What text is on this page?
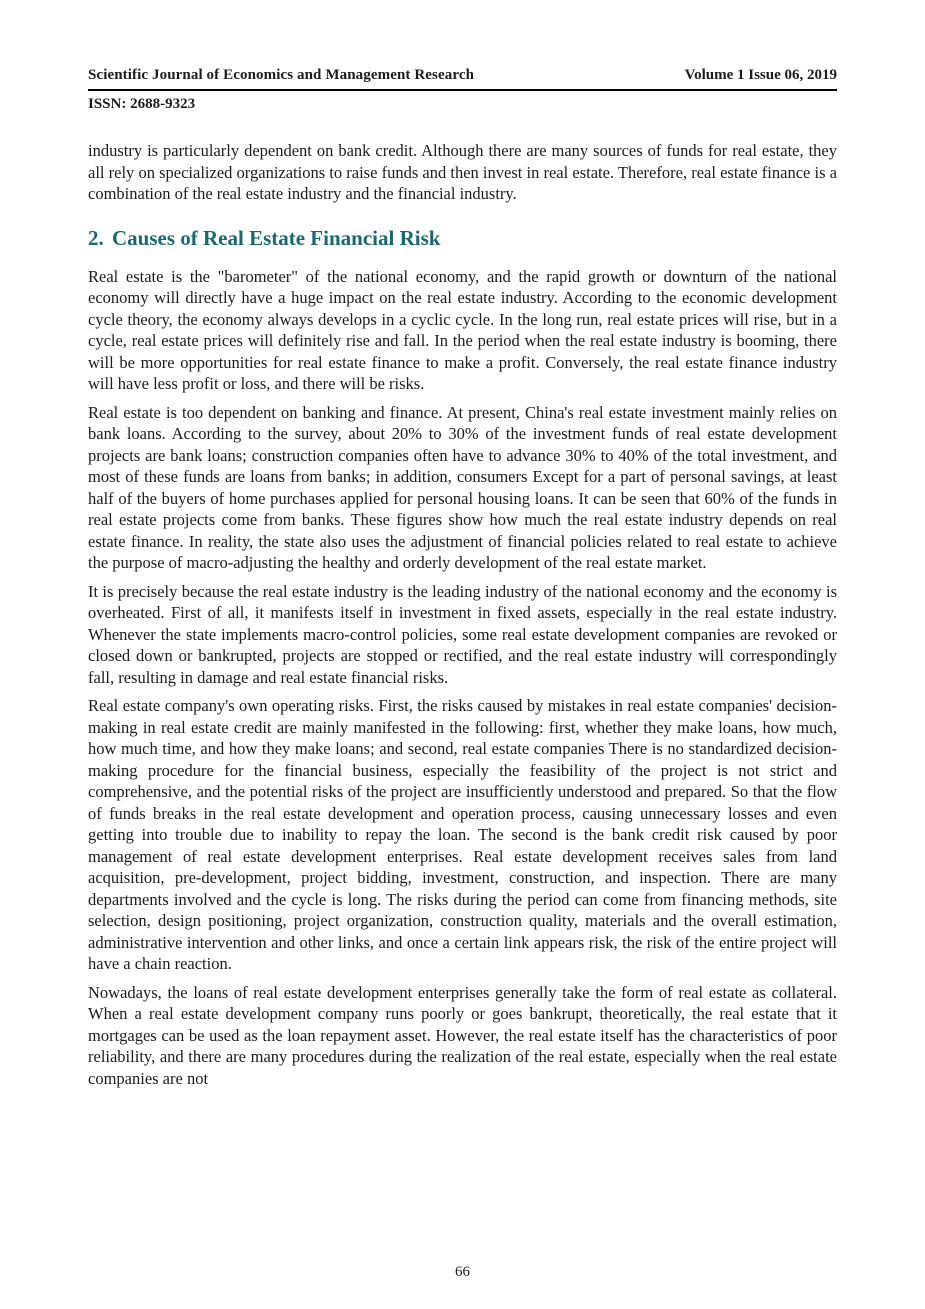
Scientific Journal of Economics and Management Research	Volume 1 Issue 06, 2019
ISSN: 2688-9323

industry is particularly dependent on bank credit. Although there are many sources of funds for real estate, they all rely on specialized organizations to raise funds and then invest in real estate. Therefore, real estate finance is a combination of the real estate industry and the financial industry.

2. Causes of Real Estate Financial Risk

Real estate is the "barometer" of the national economy, and the rapid growth or downturn of the national economy will directly have a huge impact on the real estate industry. According to the economic development cycle theory, the economy always develops in a cyclic cycle. In the long run, real estate prices will rise, but in a cycle, real estate prices will definitely rise and fall. In the period when the real estate industry is booming, there will be more opportunities for real estate finance to make a profit. Conversely, the real estate finance industry will have less profit or loss, and there will be risks.

Real estate is too dependent on banking and finance. At present, China's real estate investment mainly relies on bank loans. According to the survey, about 20% to 30% of the investment funds of real estate development projects are bank loans; construction companies often have to advance 30% to 40% of the total investment, and most of these funds are loans from banks; in addition, consumers Except for a part of personal savings, at least half of the buyers of home purchases applied for personal housing loans. It can be seen that 60% of the funds in real estate projects come from banks. These figures show how much the real estate industry depends on real estate finance. In reality, the state also uses the adjustment of financial policies related to real estate to achieve the purpose of macro-adjusting the healthy and orderly development of the real estate market.

It is precisely because the real estate industry is the leading industry of the national economy and the economy is overheated. First of all, it manifests itself in investment in fixed assets, especially in the real estate industry. Whenever the state implements macro-control policies, some real estate development companies are revoked or closed down or bankrupted, projects are stopped or rectified, and the real estate industry will correspondingly fall, resulting in damage and real estate financial risks.

Real estate company's own operating risks. First, the risks caused by mistakes in real estate companies' decision-making in real estate credit are mainly manifested in the following: first, whether they make loans, how much, how much time, and how they make loans; and second, real estate companies There is no standardized decision-making procedure for the financial business, especially the feasibility of the project is not strict and comprehensive, and the potential risks of the project are insufficiently understood and prepared. So that the flow of funds breaks in the real estate development and operation process, causing unnecessary losses and even getting into trouble due to inability to repay the loan. The second is the bank credit risk caused by poor management of real estate development enterprises. Real estate development receives sales from land acquisition, pre-development, project bidding, investment, construction, and inspection. There are many departments involved and the cycle is long. The risks during the period can come from financing methods, site selection, design positioning, project organization, construction quality, materials and the overall estimation, administrative intervention and other links, and once a certain link appears risk, the risk of the entire project will have a chain reaction.

Nowadays, the loans of real estate development enterprises generally take the form of real estate as collateral. When a real estate development company runs poorly or goes bankrupt, theoretically, the real estate that it mortgages can be used as the loan repayment asset. However, the real estate itself has the characteristics of poor reliability, and there are many procedures during the realization of the real estate, especially when the real estate companies are not

66
